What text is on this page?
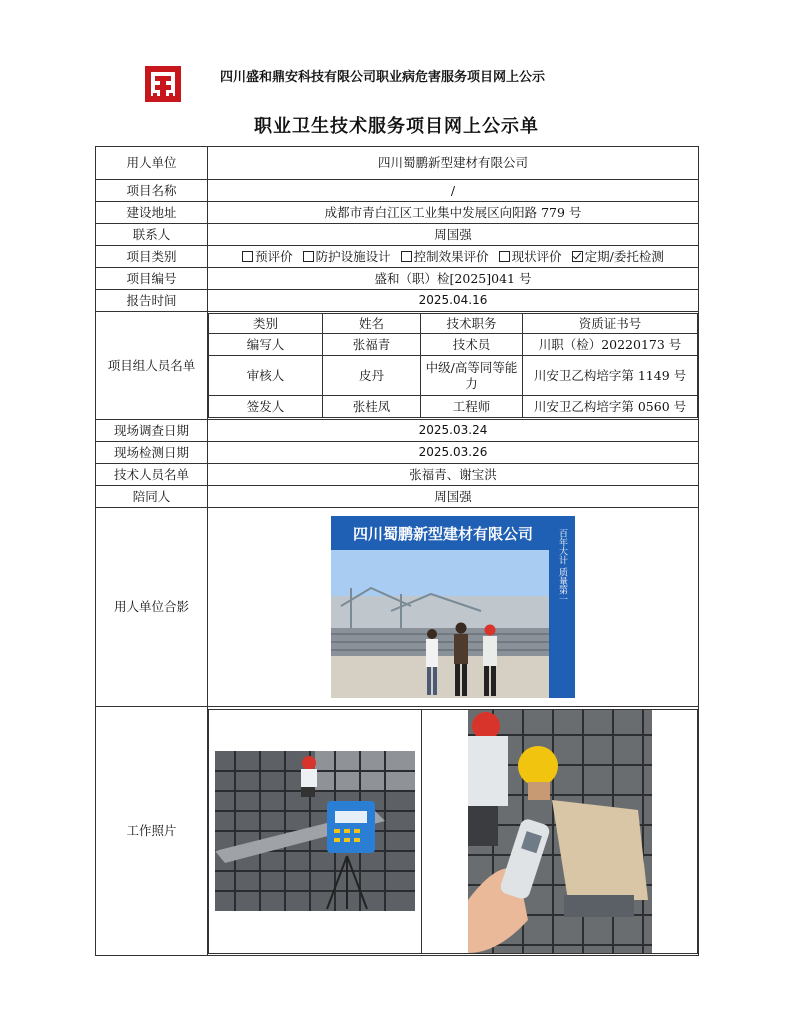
四川盛和鼎安科技有限公司职业病危害服务项目网上公示
职业卫生技术服务项目网上公示单
用人单位	四川蜀鹏新型建材有限公司
项目名称	/
建设地址	成都市青白江区工业集中发展区向阳路 779 号
联系人	周国强
项目类别	预评价 防护设施设计 控制效果评价 现状评价 定期/委托检测
项目编号	盛和（职）检[2025]041 号
报告时间	2025.04.16
项目组人员名单	
类别	姓名	技术职务	资质证书号
编写人	张福青	技术员	川职（检）20220173 号
审核人	皮丹	中级/高等同等能力	川安卫乙构培字第 1149 号
签发人	张桂凤	工程师	川安卫乙构培字第 0560 号

现场调查日期	2025.03.24
现场检测日期	2025.03.26
技术人员名单	张福青、谢宝洪
陪同人	周国强
用人单位合影	
四川蜀鹏新型建材有限公司	百年大计 质量第一

工作照片	
